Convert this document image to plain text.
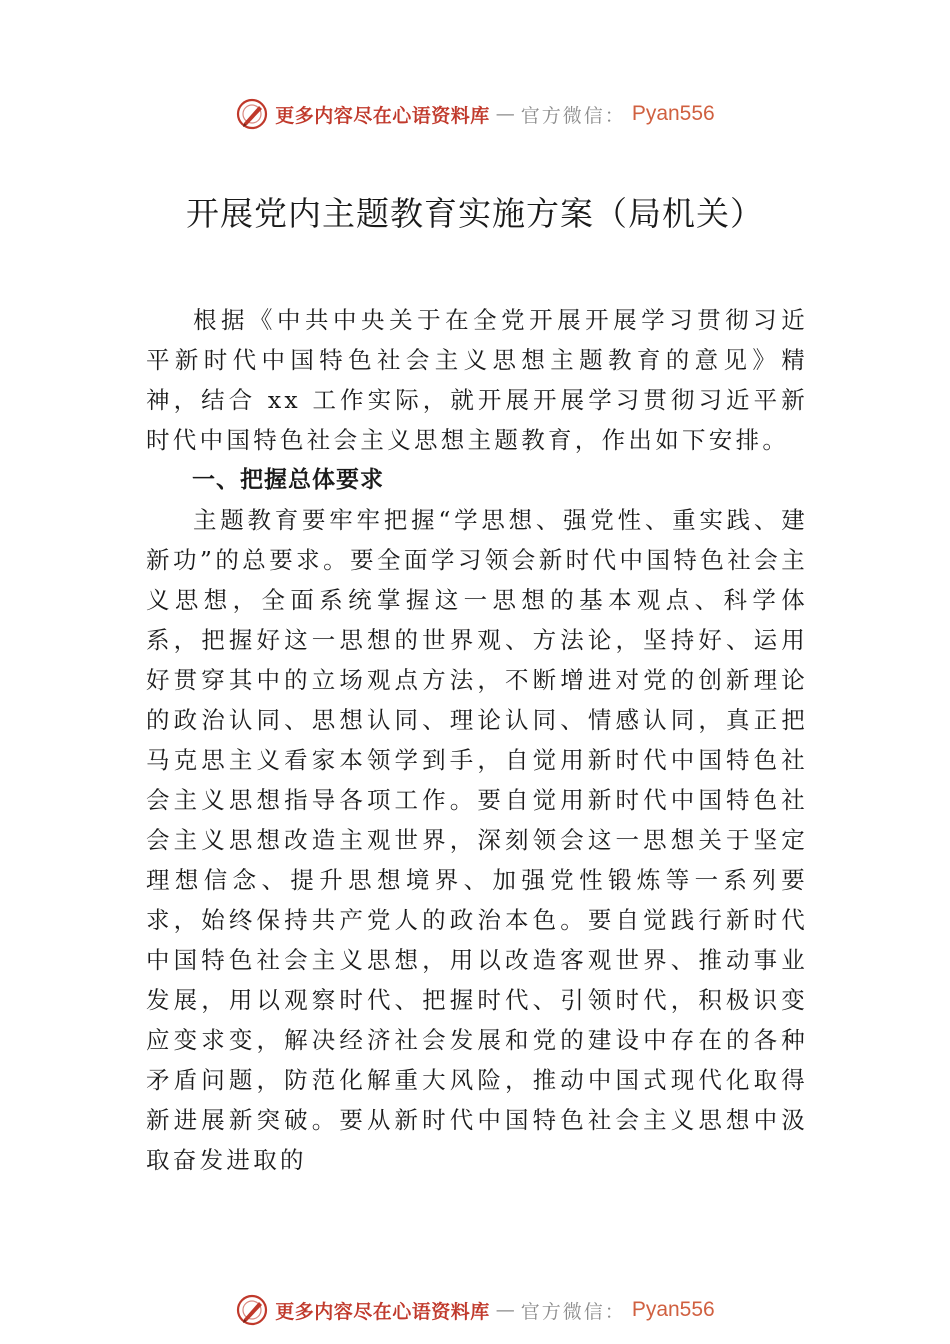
更多内容尽在心语资料库 — 官方微信： Pyan556
开展党内主题教育实施方案（局机关）

根据《中共中央关于在全党开展开展学习贯彻习近平新时代中国特色社会主义思想主题教育的意见》精神，结合 xx 工作实际，就开展开展学习贯彻习近平新时代中国特色社会主义思想主题教育，作出如下安排。

一、把握总体要求

主题教育要牢牢把握“学思想、强党性、重实践、建新功”的总要求。要全面学习领会新时代中国特色社会主义思想，全面系统掌握这一思想的基本观点、科学体系，把握好这一思想的世界观、方法论，坚持好、运用好贯穿其中的立场观点方法，不断增进对党的创新理论的政治认同、思想认同、理论认同、情感认同，真正把马克思主义看家本领学到手，自觉用新时代中国特色社会主义思想指导各项工作。要自觉用新时代中国特色社会主义思想改造主观世界，深刻领会这一思想关于坚定理想信念、提升思想境界、加强党性锻炼等一系列要求，始终保持共产党人的政治本色。要自觉践行新时代中国特色社会主义思想，用以改造客观世界、推动事业发展，用以观察时代、把握时代、引领时代，积极识变应变求变，解决经济社会发展和党的建设中存在的各种矛盾问题，防范化解重大风险，推动中国式现代化取得新进展新突破。要从新时代中国特色社会主义思想中汲取奋发进取的

更多内容尽在心语资料库 — 官方微信： Pyan556
